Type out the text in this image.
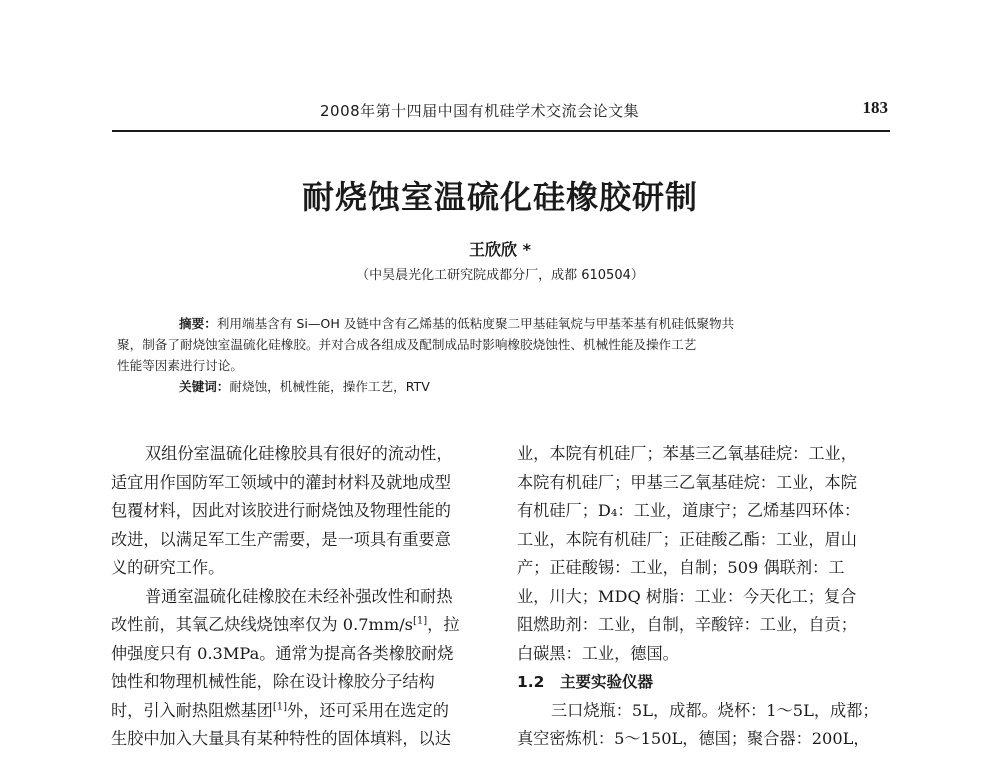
2008年第十四届中国有机硅学术交流会论文集	183
耐烧蚀室温硫化硅橡胶研制
王欣欣 *
（中昊晨光化工研究院成都分厂，成都 610504）
摘要：利用端基含有 Si—OH 及链中含有乙烯基的低粘度聚二甲基硅氧烷与甲基苯基有机硅低聚物共
聚，制备了耐烧蚀室温硫化硅橡胶。并对合成各组成及配制成品时影响橡胶烧蚀性、机械性能及操作工艺
性能等因素进行讨论。
关键词：耐烧蚀，机械性能，操作工艺，RTV
双组份室温硫化硅橡胶具有很好的流动性，
适宜用作国防军工领域中的灌封材料及就地成型
包覆材料，因此对该胶进行耐烧蚀及物理性能的
改进，以满足军工生产需要，是一项具有重要意
义的研究工作。
普通室温硫化硅橡胶在未经补强改性和耐热
改性前，其氧乙炔线烧蚀率仅为 0.7mm/s[1]，拉
伸强度只有 0.3MPa。通常为提高各类橡胶耐烧
蚀性和物理机械性能，除在设计橡胶分子结构
时，引入耐热阻燃基团[1]外，还可采用在选定的
生胶中加入大量具有某种特性的固体填料，以达
业，本院有机硅厂；苯基三乙氧基硅烷：工业，
本院有机硅厂；甲基三乙氧基硅烷：工业，本院
有机硅厂；D₄：工业，道康宁；乙烯基四环体：
工业，本院有机硅厂；正硅酸乙酯：工业，眉山
产；正硅酸锡：工业，自制；509 偶联剂：工
业，川大；MDQ 树脂：工业：今天化工；复合
阻燃助剂：工业，自制，辛酸锌：工业，自贡；
白碳黑：工业，德国。
1.2　主要实验仪器
三口烧瓶：5L，成都。烧杯：1～5L，成都；
真空密炼机：5～150L，德国；聚合器：200L，
